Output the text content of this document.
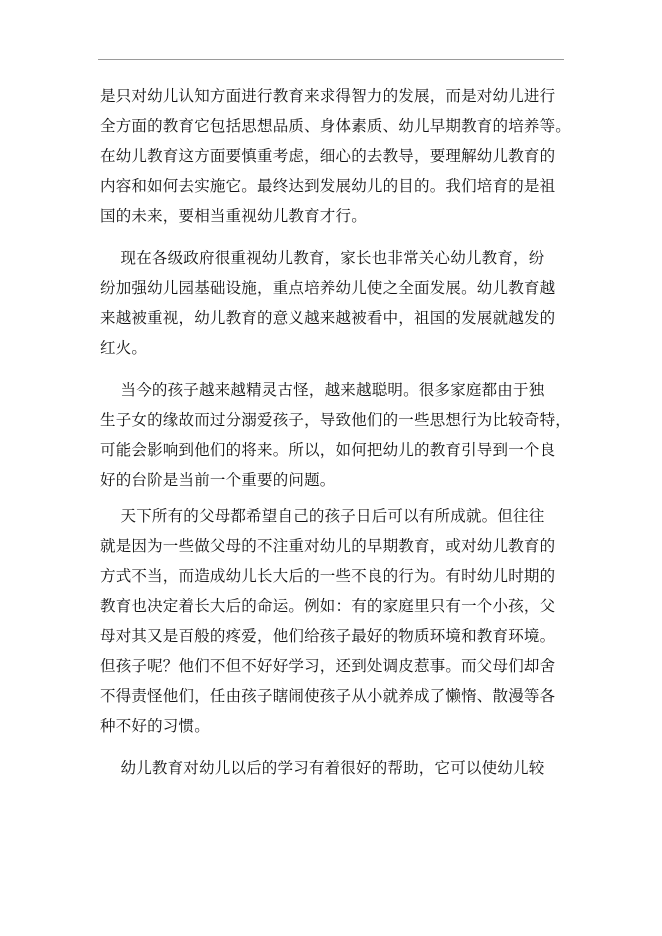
是只对幼儿认知方面进行教育来求得智力的发展，而是对幼儿进行
全方面的教育它包括思想品质、身体素质、幼儿早期教育的培养等。
在幼儿教育这方面要慎重考虑，细心的去教导，要理解幼儿教育的
内容和如何去实施它。最终达到发展幼儿的目的。我们培育的是祖
国的未来，要相当重视幼儿教育才行。
现在各级政府很重视幼儿教育，家长也非常关心幼儿教育，纷
纷加强幼儿园基础设施，重点培养幼儿使之全面发展。幼儿教育越
来越被重视，幼儿教育的意义越来越被看中，祖国的发展就越发的
红火。
当今的孩子越来越精灵古怪，越来越聪明。很多家庭都由于独
生子女的缘故而过分溺爱孩子，导致他们的一些思想行为比较奇特，
可能会影响到他们的将来。所以，如何把幼儿的教育引导到一个良
好的台阶是当前一个重要的问题。
天下所有的父母都希望自己的孩子日后可以有所成就。但往往
就是因为一些做父母的不注重对幼儿的早期教育，或对幼儿教育的
方式不当，而造成幼儿长大后的一些不良的行为。有时幼儿时期的
教育也决定着长大后的命运。例如：有的家庭里只有一个小孩，父
母对其又是百般的疼爱，他们给孩子最好的物质环境和教育环境。
但孩子呢？他们不但不好好学习，还到处调皮惹事。而父母们却舍
不得责怪他们，任由孩子瞎闹使孩子从小就养成了懒惰、散漫等各
种不好的习惯。
幼儿教育对幼儿以后的学习有着很好的帮助，它可以使幼儿较
